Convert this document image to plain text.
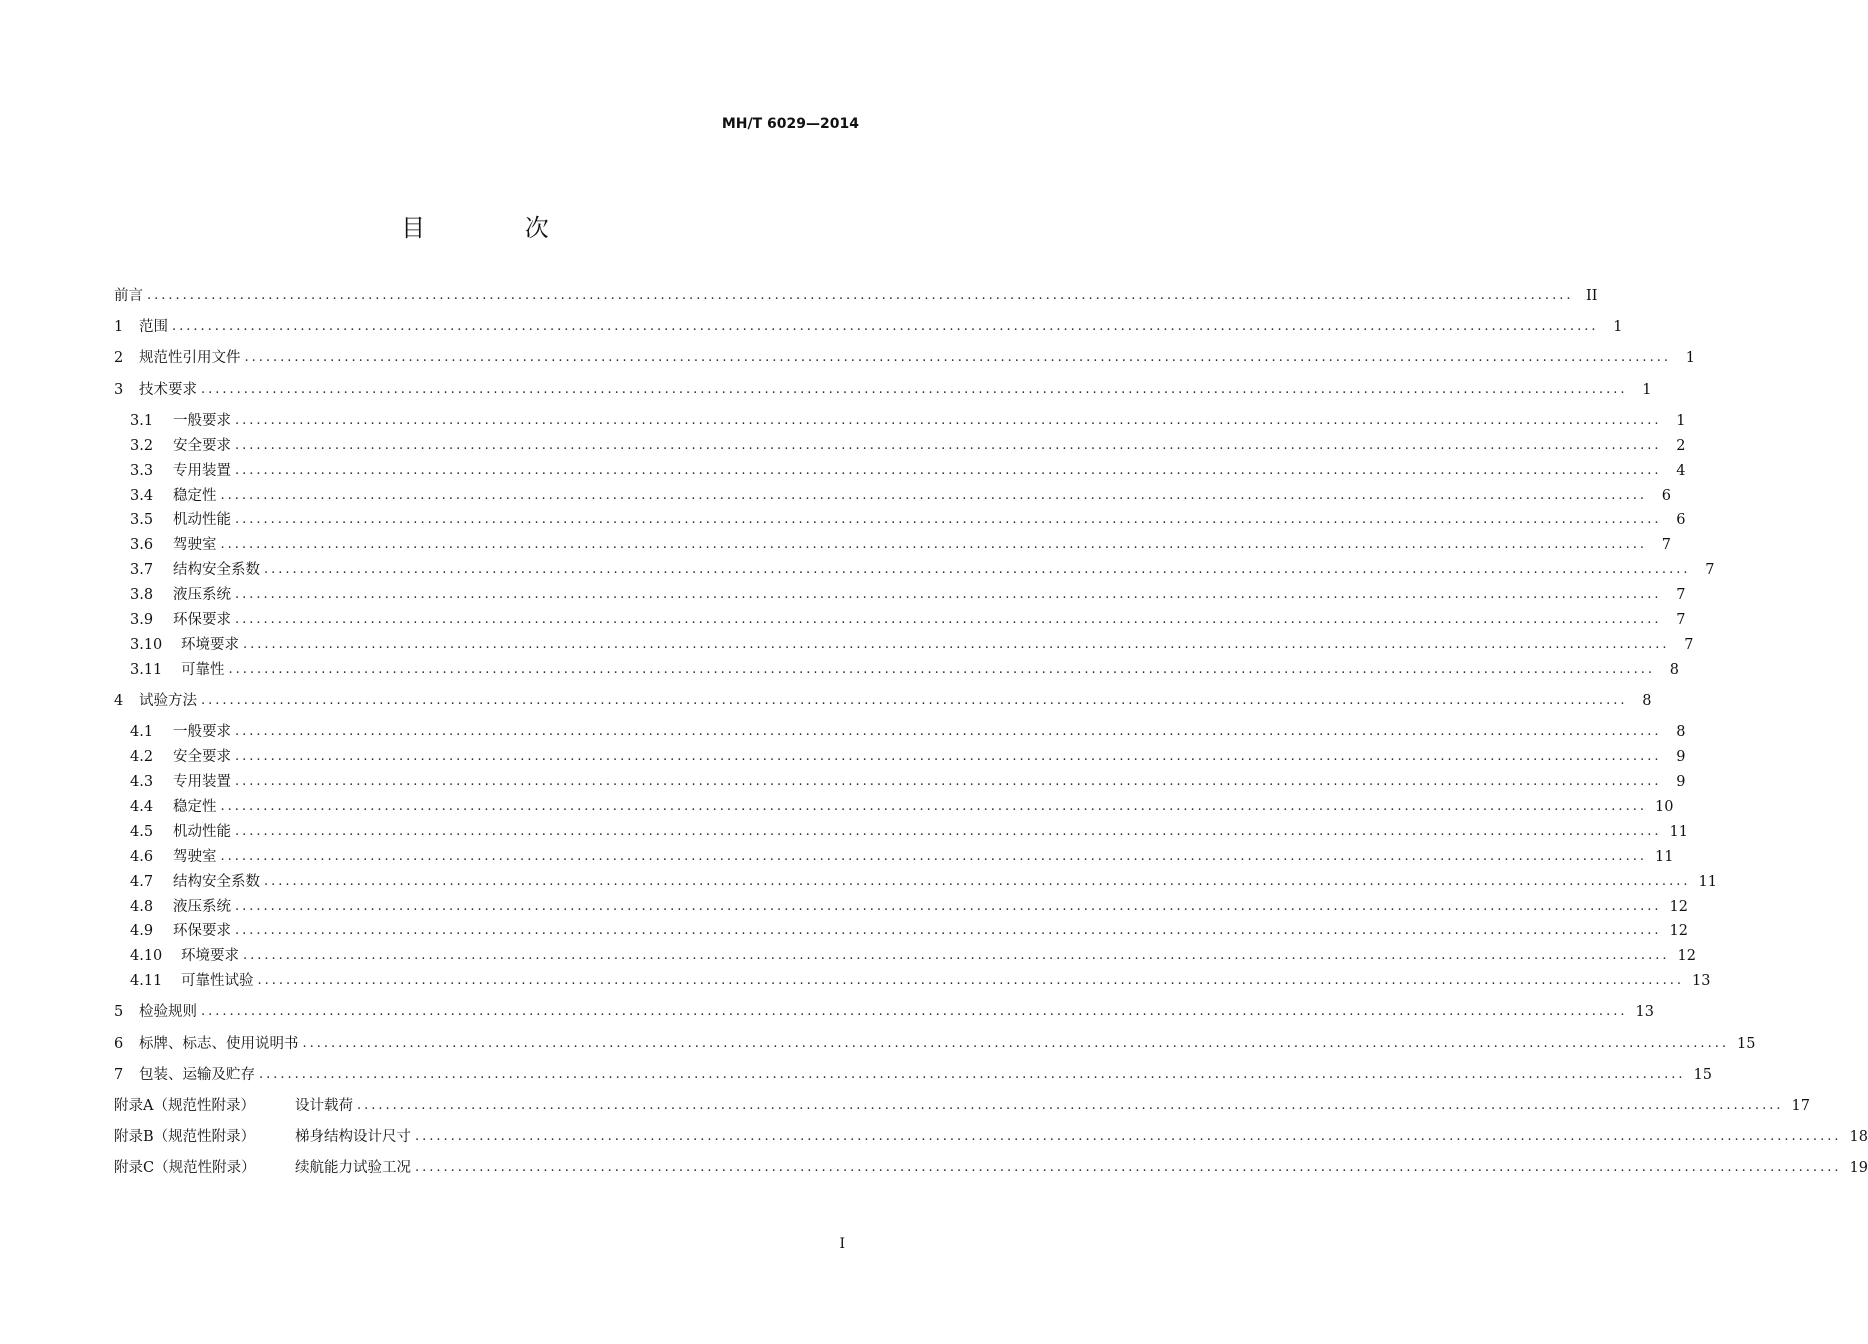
MH/T 6029—2014
目 次
前言 ........................................................................................................................................................................................................ II
1	范围 ........................................................................................................................................................................................................	1
2	规范性引用文件 ........................................................................................................................................................................................................	1
3	技术要求 ........................................................................................................................................................................................................	1
3.1	一般要求 ........................................................................................................................................................................................................	1
3.2	安全要求 ........................................................................................................................................................................................................	2
3.3	专用装置 ........................................................................................................................................................................................................	4
3.4	稳定性 ........................................................................................................................................................................................................	6
3.5	机动性能 ........................................................................................................................................................................................................	6
3.6	驾驶室 ........................................................................................................................................................................................................	7
3.7	结构安全系数 ........................................................................................................................................................................................................	7
3.8	液压系统 ........................................................................................................................................................................................................	7
3.9	环保要求 ........................................................................................................................................................................................................	7
3.10	环境要求 ........................................................................................................................................................................................................	7
3.11	可靠性 ........................................................................................................................................................................................................	8
4	试验方法 ........................................................................................................................................................................................................	8
4.1	一般要求 ........................................................................................................................................................................................................	8
4.2	安全要求 ........................................................................................................................................................................................................	9
4.3	专用装置 ........................................................................................................................................................................................................	9
4.4	稳定性 ........................................................................................................................................................................................................ 10
4.5	机动性能 ........................................................................................................................................................................................................ 11
4.6	驾驶室 ........................................................................................................................................................................................................ 11
4.7	结构安全系数 ........................................................................................................................................................................................................ 11
4.8	液压系统 ........................................................................................................................................................................................................ 12
4.9	环保要求 ........................................................................................................................................................................................................ 12
4.10	环境要求 ........................................................................................................................................................................................................ 12
4.11	可靠性试验 ........................................................................................................................................................................................................ 13
5	检验规则 ........................................................................................................................................................................................................ 13
6	标牌、标志、使用说明书 ........................................................................................................................................................................................................ 15
7	包装、运输及贮存 ........................................................................................................................................................................................................ 15
附录A（规范性附录）	设计载荷 ........................................................................................................................................................................................................ 17
附录B（规范性附录）	梯身结构设计尺寸 ........................................................................................................................................................................................................ 18
附录C（规范性附录）	续航能力试验工况 ........................................................................................................................................................................................................ 19
I
